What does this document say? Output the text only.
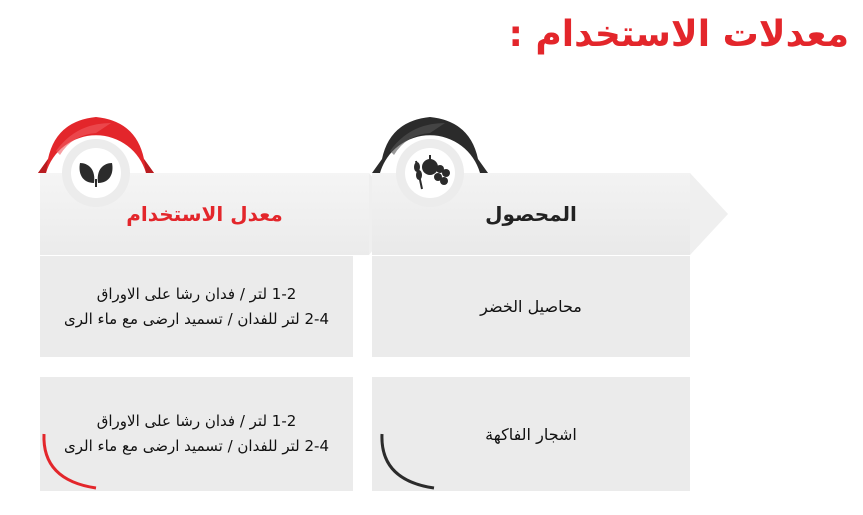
معدلات الاستخدام :
معدل الاستخدام	المحصول
1-2 لتر / فدان رشا على الاوراق
2-4 لتر للفدان / تسميد ارضى مع ماء الرى
محاصيل الخضر
1-2 لتر / فدان رشا على الاوراق
2-4 لتر للفدان / تسميد ارضى مع ماء الرى
اشجار الفاكهة
